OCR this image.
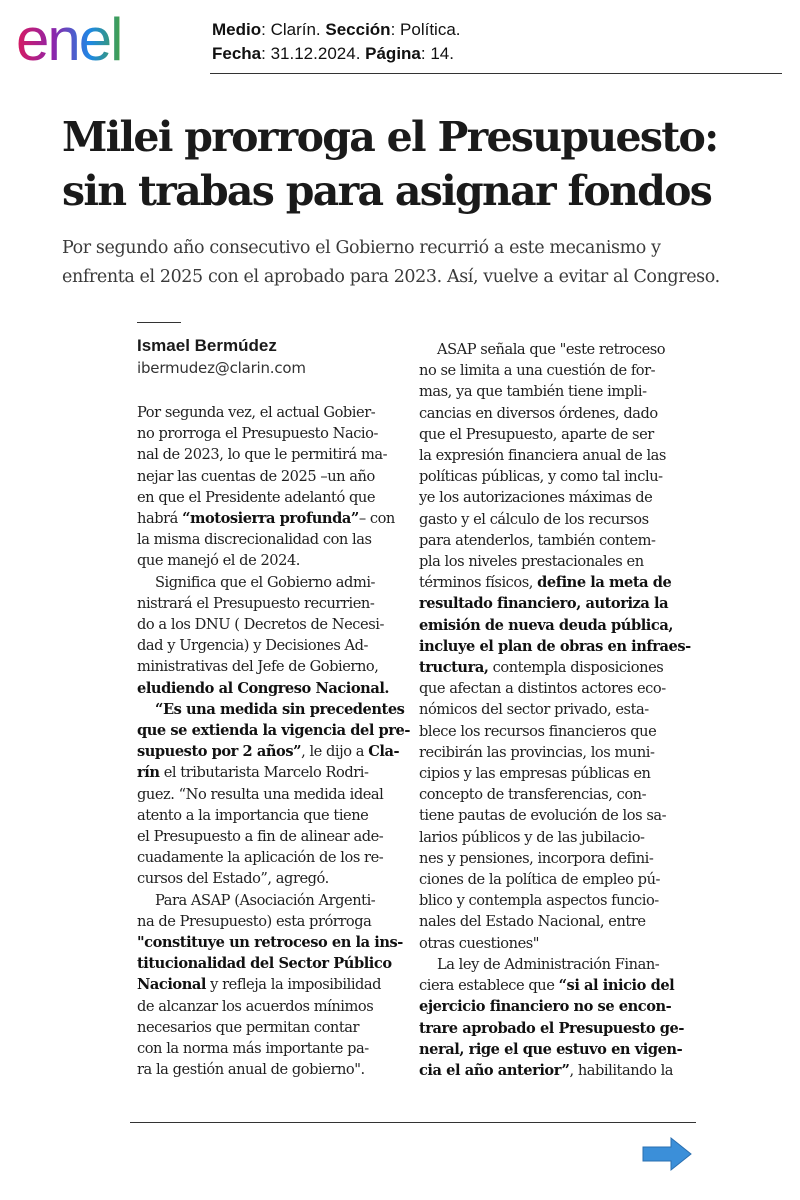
enel	Medio: Clarín. Sección: Política.
Fecha: 31.12.2024. Página: 14.
Milei prorroga el Presupuesto:
sin trabas para asignar fondos

Por segundo año consecutivo el Gobierno recurrió a este mecanismo y
enfrenta el 2025 con el aprobado para 2023. Así, vuelve a evitar al Congreso.

Ismael Bermúdez
ibermudez@clarin.com
Por segunda vez, el actual Gobier-
no prorroga el Presupuesto Nacio-
nal de 2023, lo que le permitirá ma-
nejar las cuentas de 2025 –un año
en que el Presidente adelantó que
habrá “motosierra profunda”– con
la misma discrecionalidad con las
que manejó el de 2024.
Significa que el Gobierno admi-
nistrará el Presupuesto recurrien-
do a los DNU ( Decretos de Necesi-
dad y Urgencia) y Decisiones Ad-
ministrativas del Jefe de Gobierno,
eludiendo al Congreso Nacional.
“Es una medida sin precedentes
que se extienda la vigencia del pre-
supuesto por 2 años”, le dijo a Cla-
rín el tributarista Marcelo Rodri-
guez. “No resulta una medida ideal
atento a la importancia que tiene
el Presupuesto a fin de alinear ade-
cuadamente la aplicación de los re-
cursos del Estado”, agregó.
Para ASAP (Asociación Argenti-
na de Presupuesto) esta prórroga
"constituye un retroceso en la ins-
titucionalidad del Sector Público
Nacional y refleja la imposibilidad
de alcanzar los acuerdos mínimos
necesarios que permitan contar
con la norma más importante pa-
ra la gestión anual de gobierno".
ASAP señala que "este retroceso
no se limita a una cuestión de for-
mas, ya que también tiene impli-
cancias en diversos órdenes, dado
que el Presupuesto, aparte de ser
la expresión financiera anual de las
políticas públicas, y como tal inclu-
ye los autorizaciones máximas de
gasto y el cálculo de los recursos
para atenderlos, también contem-
pla los niveles prestacionales en
términos físicos, define la meta de
resultado financiero, autoriza la
emisión de nueva deuda pública,
incluye el plan de obras en infraes-
tructura, contempla disposiciones
que afectan a distintos actores eco-
nómicos del sector privado, esta-
blece los recursos financieros que
recibirán las provincias, los muni-
cipios y las empresas públicas en
concepto de transferencias, con-
tiene pautas de evolución de los sa-
larios públicos y de las jubilacio-
nes y pensiones, incorpora defini-
ciones de la política de empleo pú-
blico y contempla aspectos funcio-
nales del Estado Nacional, entre
otras cuestiones"
La ley de Administración Finan-
ciera establece que “si al inicio del
ejercicio financiero no se encon-
trare aprobado el Presupuesto ge-
neral, rige el que estuvo en vigen-
cia el año anterior”, habilitando la
